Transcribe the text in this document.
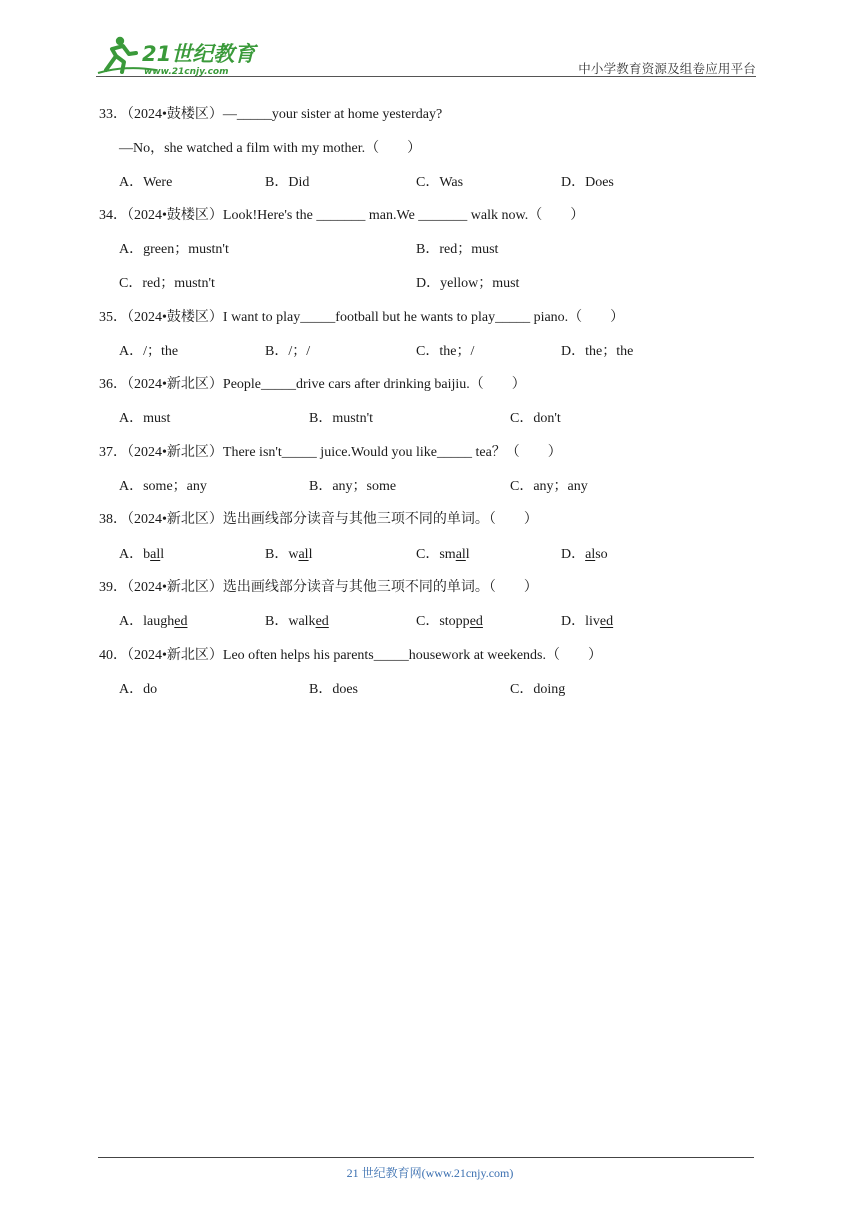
21世纪教育
www.21cnjy.com	中小学教育资源及组卷应用平台
33．（2024•鼓楼区）—_____your sister at home yesterday?
—No，she watched a film with my mother.（　　）
A．Were	B．Did	C．Was	D．Does
34．（2024•鼓楼区）Look!Here's the _______ man.We _______ walk now.（　　）
A．green；mustn't	B．red；must
C．red；mustn't	D．yellow；must
35．（2024•鼓楼区）I want to play_____football but he wants to play_____ piano.（　　）
A．/；the	B．/；/	C．the；/	D．the；the
36．（2024•新北区）People_____drive cars after drinking baijiu.（　　）
A．must	B．mustn't	C．don't
37．（2024•新北区）There isn't_____ juice.Would you like_____ tea？（　　）
A．some；any	B．any；some	C．any；any
38．（2024•新北区）选出画线部分读音与其他三项不同的单词。（　　）
A．ball	B．wall	C．small	D．also
39．（2024•新北区）选出画线部分读音与其他三项不同的单词。（　　）
A．laughed	B．walked	C．stopped	D．lived
40．（2024•新北区）Leo often helps his parents_____housework at weekends.（　　）
A．do	B．does	C．doing
21 世纪教育网(www.21cnjy.com)
